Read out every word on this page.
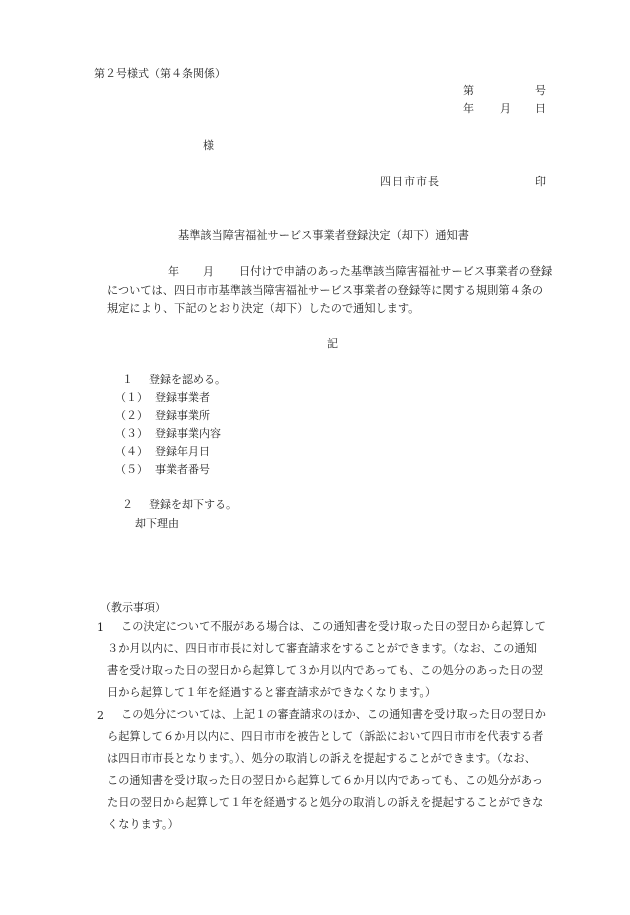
第２号様式（第４条関係）
第	号
年 月 日
様
四日市市長	印
基準該当障害福祉サービス事業者登録決定（却下）通知書
年 月 日付けで申請のあった基準該当障害福祉サービス事業者の登録
については、四日市市基準該当障害福祉サービス事業者の登録等に関する規則第４条の
規定により、下記のとおり決定（却下）したので通知します。
記
１ 登録を認める。
（１） 登録事業者
（２） 登録事業所
（３） 登録事業内容
（４） 登録年月日
（５） 事業者番号
２ 登録を却下する。
却下理由
（教示事項）
1	この決定について不服がある場合は、この通知書を受け取った日の翌日から起算して
３か月以内に、四日市市長に対して審査請求をすることができます。（なお、この通知
書を受け取った日の翌日から起算して３か月以内であっても、この処分のあった日の翌
日から起算して１年を経過すると審査請求ができなくなります。）
2	この処分については、上記１の審査請求のほか、この通知書を受け取った日の翌日か
ら起算して６か月以内に、四日市市を被告として（訴訟において四日市市を代表する者
は四日市市長となります。）、処分の取消しの訴えを提起することができます。（なお、
この通知書を受け取った日の翌日から起算して６か月以内であっても、この処分があっ
た日の翌日から起算して１年を経過すると処分の取消しの訴えを提起することができな
くなります。）
